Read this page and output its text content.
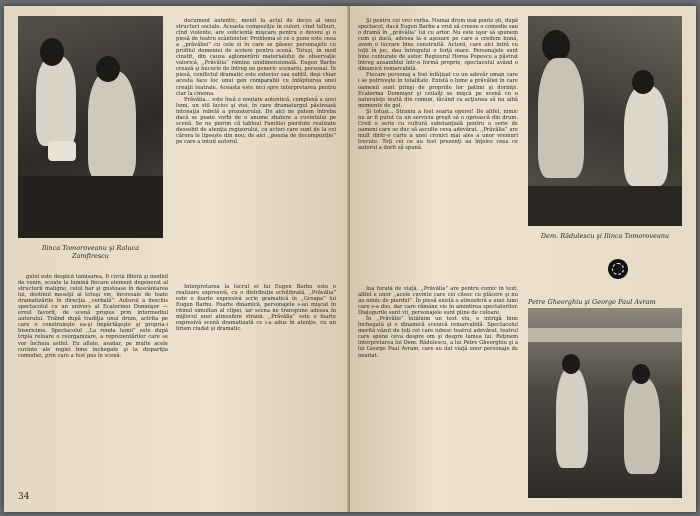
Ilinca Tomoroveanu şi Raluca
Zamfirescu

document autentic, menit la actul de deces al unei structuri sociale. Aceasta compoziţie în culori, cînd tulburi, cînd violente, are suficientă mişcare pentru o deveni şi o piesă de teatru scânteietor. Problema ei ce o pune este ceea a ,,prăvăliei” cu cele zi în care se găsesc personajele cu profilul domeniei de scriere pentru scenă. Totuşi, în mod cinstit, din cauza aglomerării materialului de observaţie valorică, ,,Prăvălia” rămîne unidimensională. Eugen Barbu crează şi bucurie de întreg un generic scenariu, personal. În piesă, conflictul dramatic este exterior sau subtil, deşi chiar acesta face loc unui gen comparabil cu înfăptuirea unei creaţii teatrale. Aceasta este nici spre interpretarea pentru clar la cinema.

Prăvălia... este însă o noutate autentică, complexă a unei lumi, un stil lucios şi vioi, în care dramaturgul păstrează intonaţia rebelă a prozatorului. De aici ne putem întreba dacă se poate vorbi de o anume zbatere a cuvîntului pe scenă. Se ne pierim că tabloul Familiei pierdute realizate deosebit de atenţia regizorului, cu actori care sunt de la cei cărora le lipseşte din nou; de aici ,,poezia de decompoziţie” pe care a intuit autorul.

gului este despică tamisarea, fi cuviă fiberă şi mediul de venin, scoate la lumină fiecare element degenerat al structurii maligne, celul har şi gustoase în descântarea lui, destinul meseţii ai totuşi vie, încovoaie de toate dramatizările în direcţia ,,verbală”. Autorul a deschis spectacolul cu un univers al Ecaterinei Domnişor — eroul favorit, de scenă propus prin intermediul autorului. Trăind după tradiţia unui drum, actrita pe care o construieşte ea-şi împărtăşeşte şi propria-i bisericime. Spectacolul ,,La ronda lumii” este după tripla reluare o reorganizare, a reprezentărilor care se vor încheia astfel. Eu aflate, asadar, pe multe acele cuvinte ale regiei bine închegate şi la dispariţia comediei, prin care a fost pus în scenă.

Interpretarea la lucrul ei lui Eugen Barbu este o realizare expresivă, cu o distribuţie echilibrată. ,,Prăvălia” este o foarte expresivă scrie gramatică în ,,Groapa” lui Eugen Barbu. Foarte dinamică, personajele s-au mişcat în ritmul simultan al clipei, iar scena ne transpune adesea în mijlocul unei atmosfere stranii. ,,Prăvălia” este o foarte expresivă scenă dramatizată ce i-a adus în atenţie, cu un lirism ciudat şi dramatic.

34

Şi pentru cei vrei vorba. Numai drum mai ponte şti, după spectacol, dacă Eugen Barbu a vrut să creeze o comedie sau o dramă în ,,prăvălia” lui cu artor. Nu este uşor să spunem cum şi dacă, adesea la o aşezare pe care o credem bună, avem o lucrare bine construită. Actorii, care aici intră cu toţii în joc, dau întregului o forţă mare. Personajele sunt bine conturate de autor. Regizorul Horea Popescu a păstrat întreg ansamblul într-o formă proprie, spectacolul având o dinamică remarcabilă.

Fiecare personaj a fost înfăţişat cu un adevăr uman care i se potriveşte în totalitate. Există o lume a prăvăliei în care oamenii sunt prinşi de propriile lor patimi şi dorinţe. Ecaterina Domnişor şi ceilalţi se mişcă pe scenă cu o naturaleţe ieşită din comun, făcând ca acţiunea să nu aibă momente de gol.

Şi totuşi... Straniu a fost soarta operei! De altfel, nimic nu ar fi putut ca un serviciu greşit să o oprească din drum. Cred o serie cu cultură substanţială pentru o serie de oameni care se duc să asculte ceva adevărat. ,,Prăvălia” are mult dintr-o carte a unei cronici mai ales a unor vremuri trecute. Toţi cei ce au fost prezenţi au înţeles ceea ce autorul a dorit să spună.

Dem. Rădulescu şi Ilinca Tomoroveanu
Petre Gheorghiu şi George Paul Avram

Îna furată de viaţă. ,,Prăvălia” are pentru comic în text, altfel e unor ,,acele cuvinte care cei citesc cu plăcere şi nu au nimic de pierdut”. În piesă există o atmosferă a unei lumi care s-a dus, dar care rămâne vie în amintirea spectatorilor. Dialogurile sunt vii, personajele sunt pline de culoare.

În ,,Prăvălie” întâlnim un text viu, o intrigă bine închegată şi o dinamică scenică remarcabilă. Spectacolul merită văzut de toţi cei care iubesc teatrul adevărat, teatrul care spune ceva despre om şi despre lumea lui. Reţinem interpretarea lui Dem. Rădulescu, a lui Petre Gheorghiu şi a lui George Paul Avram, care au dat viaţă unor personaje de neuitat.
